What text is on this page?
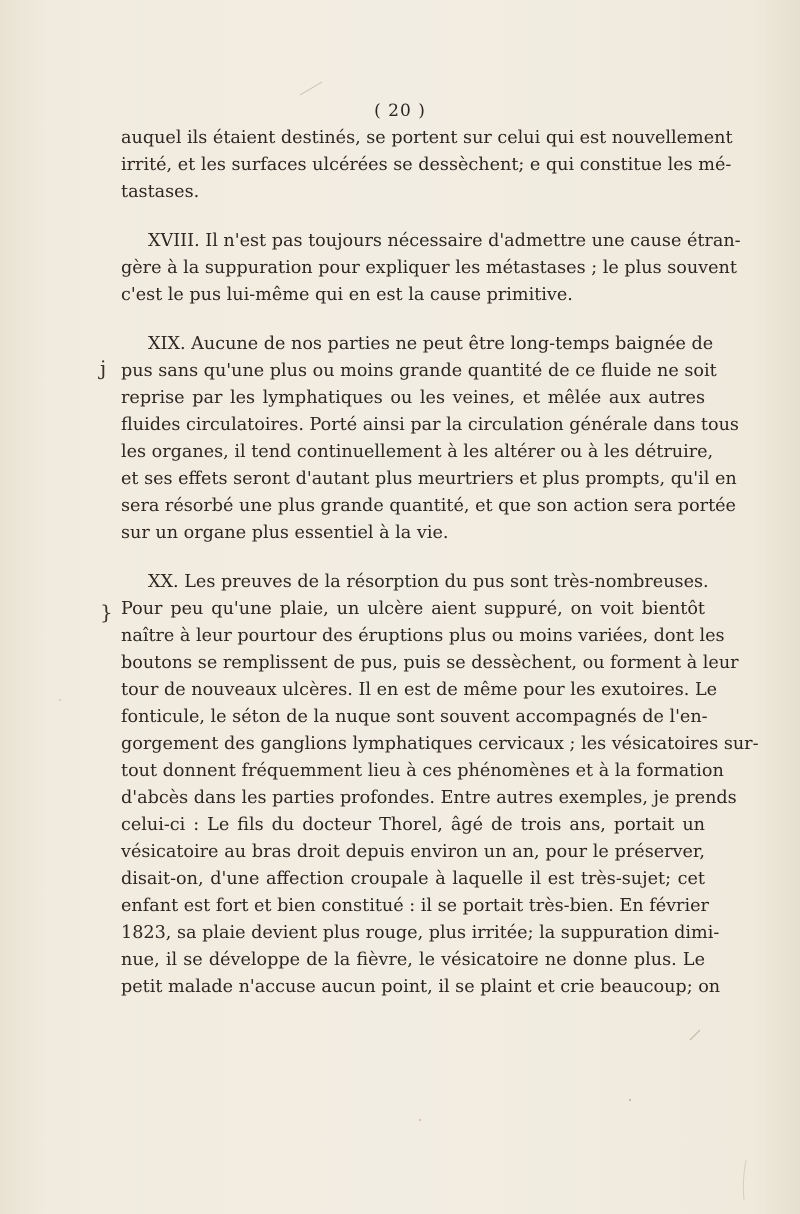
( 20 )
j
}
auquel ils étaient destinés, se portent sur celui qui est nouvellement
irrité, et les surfaces ulcérées se dessèchent; e qui constitue les mé-
tastases.
XVIII. Il n'est pas toujours nécessaire d'admettre une cause étran-
gère à la suppuration pour expliquer les métastases ; le plus souvent
c'est le pus lui-même qui en est la cause primitive.
XIX. Aucune de nos parties ne peut être long-temps baignée de
pus sans qu'une plus ou moins grande quantité de ce fluide ne soit
reprise par les lymphatiques ou les veines, et mêlée aux autres
fluides circulatoires. Porté ainsi par la circulation générale dans tous
les organes, il tend continuellement à les altérer ou à les détruire,
et ses effets seront d'autant plus meurtriers et plus prompts, qu'il en
sera résorbé une plus grande quantité, et que son action sera portée
sur un organe plus essentiel à la vie.
XX. Les preuves de la résorption du pus sont très-nombreuses.
Pour peu qu'une plaie, un ulcère aient suppuré, on voit bientôt
naître à leur pourtour des éruptions plus ou moins variées, dont les
boutons se remplissent de pus, puis se dessèchent, ou forment à leur
tour de nouveaux ulcères. Il en est de même pour les exutoires. Le
fonticule, le séton de la nuque sont souvent accompagnés de l'en-
gorgement des ganglions lymphatiques cervicaux ; les vésicatoires sur-
tout donnent fréquemment lieu à ces phénomènes et à la formation
d'abcès dans les parties profondes. Entre autres exemples, je prends
celui-ci : Le fils du docteur Thorel, âgé de trois ans, portait un
vésicatoire au bras droit depuis environ un an, pour le préserver,
disait-on, d'une affection croupale à laquelle il est très-sujet; cet
enfant est fort et bien constitué : il se portait très-bien. En février
1823, sa plaie devient plus rouge, plus irritée; la suppuration dimi-
nue, il se développe de la fièvre, le vésicatoire ne donne plus. Le
petit malade n'accuse aucun point, il se plaint et crie beaucoup; on
